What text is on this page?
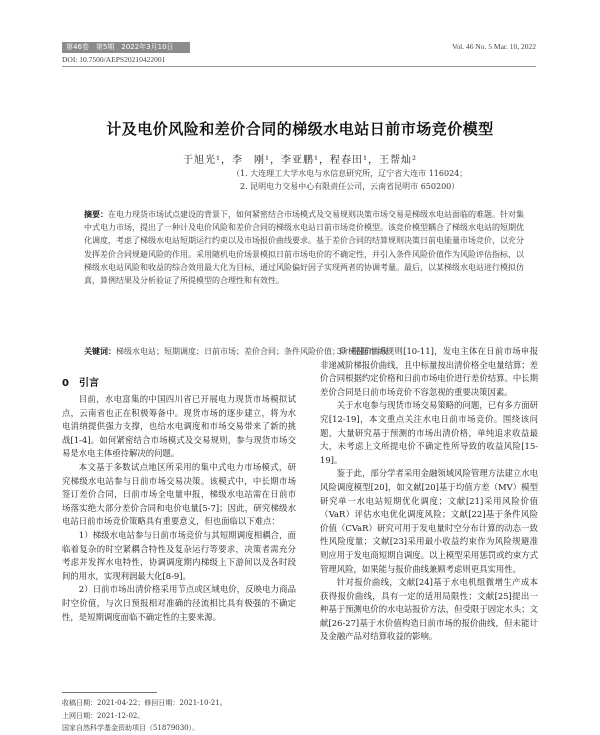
第46卷　第5期　2022年3月10日	Vol. 46 No. 5 Mar. 10, 2022
DOI: 10.7500/AEPS20210422001
计及电价风险和差价合同的梯级水电站日前市场竞价模型
于旭光¹，李　刚¹，李亚鹏¹，程春田¹，王帮灿²
（1. 大连理工大学水电与水信息研究所，辽宁省大连市 116024；
2. 昆明电力交易中心有限责任公司，云南省昆明市 650200）
摘要：在电力现货市场试点建设的背景下，如何紧密结合市场模式及交易规则决策市场交易是梯级水电站面临的难题。针对集中式电力市场，提出了一种计及电价风险和差价合同的梯级水电站日前市场竞价模型。该竞价模型耦合了梯级水电站的短期优化调度，考虑了梯级水电站短期运行约束以及市场报价曲线要求。基于差价合同的结算规则决策日前电能量市场竞价，以充分发挥差价合同规避风险的作用。采用随机电价场景模拟日前市场电价的不确定性，并引入条件风险价值作为风险评估指标，以梯级水电站风险和收益的综合效用最大化为目标，通过风险偏好因子实现两者的协调考量。最后，以某梯级水电站进行模拟仿真，算例结果及分析验证了所提模型的合理性和有效性。
关键词：梯级水电站；短期调度；日前市场；差价合同；条件风险价值；阶梯报价曲线
0　引言

目前，水电富集的中国四川省已开展电力现货市场模拟试点，云南省也正在积极筹备中。现货市场的逐步建立，将为水电消纳提供强力支撑，也给水电调度和市场交易带来了新的挑战[1-4]。如何紧密结合市场模式及交易规则，参与现货市场交易是水电主体亟待解决的问题。

本文基于多数试点地区所采用的集中式电力市场模式，研究梯级水电站参与日前市场交易决策。该模式中，中长期市场签订差价合同，日前市场全电量申报，梯级水电站需在日前市场落实绝大部分差价合同和电价电量[5-7]；因此，研究梯级水电站日前市场竞价策略具有重要意义，但也面临以下难点：

1）梯级水电站参与日前市场竞价与其短期调度相耦合，面临着复杂的时空紧耦合特性及复杂运行等要求，决策者需充分考虑并发挥水电特性，协调调度期内梯级上下游间以及各时段间的用水，实现利润最大化[8-9]。

2）日前市场出清价格采用节点或区域电价，反映电力商品时空价值，与次日预报相对准确的径流相比具有极强的不确定性，是短期调度面临不确定性的主要来源。

3）根据市场规则[10-11]，发电主体在日前市场申报非递减阶梯报价曲线，且中标量按出清价格全电量结算；差价合同根据约定价格和日前市场电价进行差价结算。中长期差价合同是日前市场竞价不容忽视的重要决策因素。

关于水电参与现货市场交易策略的问题，已有多方面研究[12-19]，本文重点关注水电日前市场竞价。围绕该问题，大量研究基于预测的市场出清价格，单纯追求收益最大，未考虑上文所提电价不确定性所导致的收益风险[15-19]。

鉴于此，部分学者采用金融领域风险管理方法建立水电风险调度模型[20]，如文献[20]基于均值方差（MV）模型研究单一水电站短期优化调度；文献[21]采用风险价值（VaR）评估水电优化调度风险；文献[22]基于条件风险价值（CVaR）研究可用于发电量时空分布计算的动态一致性风险度量；文献[23]采用最小收益约束作为风险规避准则应用于发电商短期自调度。以上模型采用惩罚或约束方式管理风险，如果能与报价曲线兼顾考虑则更具实用性。

针对报价曲线，文献[24]基于水电机组微增生产成本获得报价曲线，具有一定的适用局限性；文献[25]提出一种基于预测电价的水电站报价方法，但受限于固定水头；文献[26-27]基于水价值构造日前市场的报价曲线，但未能计及金融产品对结算收益的影响。

收稿日期：2021-04-22；修回日期：2021-10-21。
上网日期：2021-12-02。
国家自然科学基金资助项目（51879030）。
